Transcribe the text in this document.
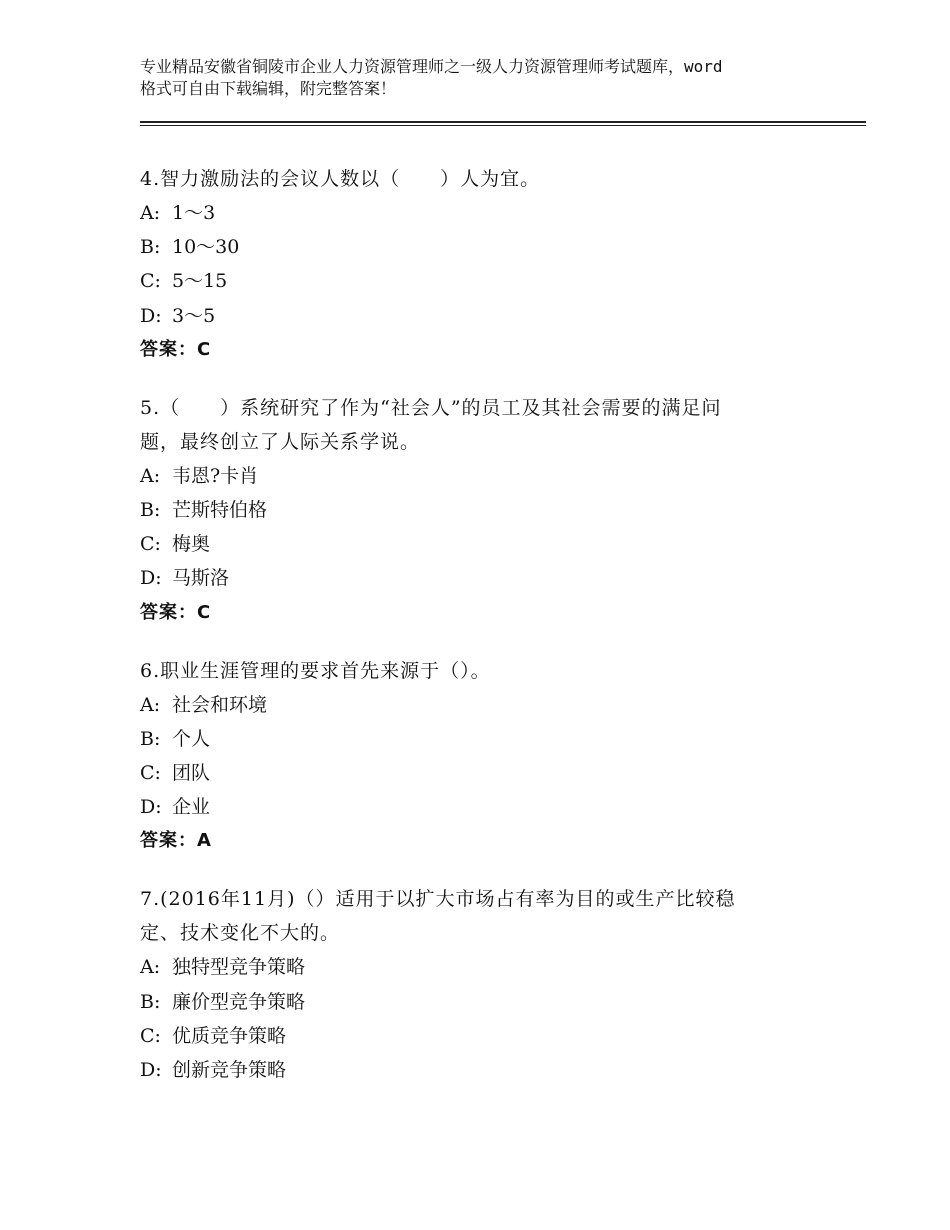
专业精品安徽省铜陵市企业人力资源管理师之一级人力资源管理师考试题库，word
格式可自由下载编辑，附完整答案！
4.智力激励法的会议人数以（　　）人为宜。
A: 1～3
B: 10～30
C: 5～15
D: 3～5
答案：C
5.（　　）系统研究了作为“社会人”的员工及其社会需要的满足问
题，最终创立了人际关系学说。
A: 韦恩?卡肖
B: 芒斯特伯格
C: 梅奥
D: 马斯洛
答案：C
6.职业生涯管理的要求首先来源于（）。
A: 社会和环境
B: 个人
C: 团队
D: 企业
答案：A
7.(2016年11月)（）适用于以扩大市场占有率为目的或生产比较稳
定、技术变化不大的。
A: 独特型竞争策略
B: 廉价型竞争策略
C: 优质竞争策略
D: 创新竞争策略
